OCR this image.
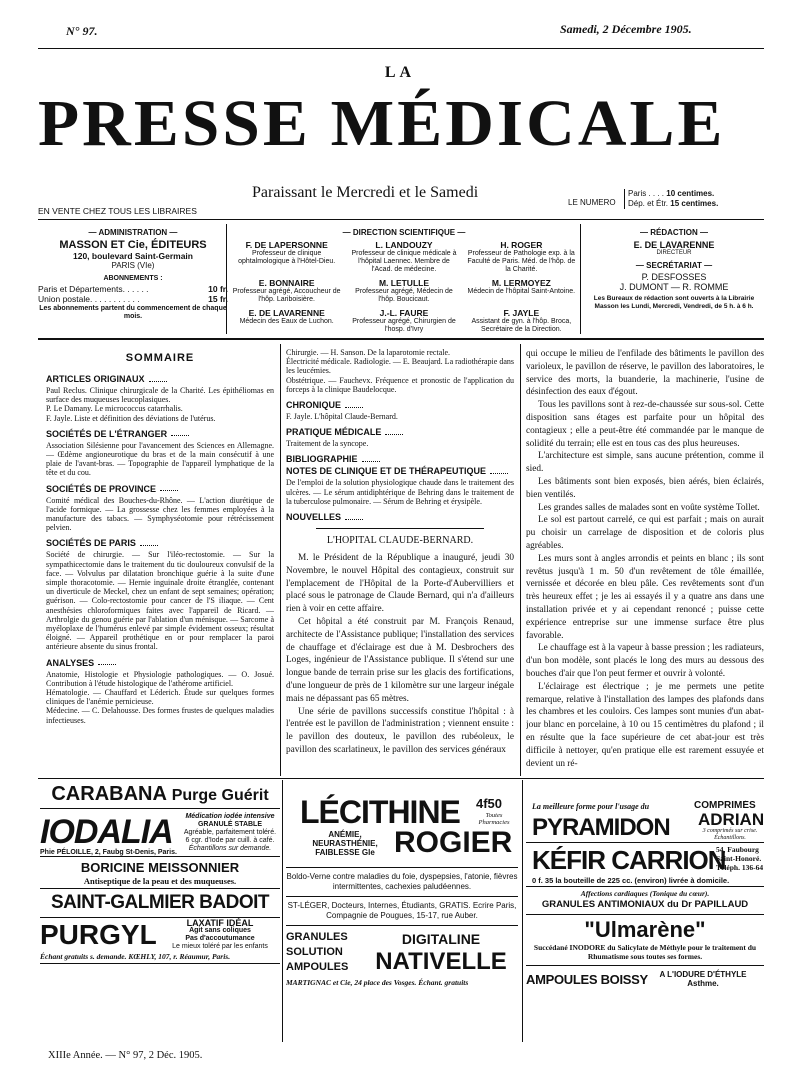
N° 97.	Samedi, 2 Décembre 1905.
LA
PRESSE MÉDICALE
Paraissant le Mercredi et le Samedi
EN VENTE CHEZ TOUS LES LIBRAIRES
LE NUMERO
Paris . . . . 10 centimes.
Dép. et Étr. 15 centimes.
— ADMINISTRATION —
MASSON ET Cie, ÉDITEURS
120, boulevard Saint-Germain
PARIS (VIe)
ABONNEMENTS :
Paris et Départements. . . . . .	10 fr.
Union postale. . . . . . . . . . .	15 fr.
Les abonnements partent du commencement de chaque mois.
— DIRECTION SCIENTIFIQUE —
F. DE LAPERSONNE
Professeur de clinique ophtalmologique à l'Hôtel-Dieu.
L. LANDOUZY
Professeur de clinique médicale à l'hôpital Laennec. Membre de l'Acad. de médecine.
H. ROGER
Professeur de Pathologie exp. à la Faculté de Paris. Méd. de l'hôp. de la Charité.
E. BONNAIRE
Professeur agrégé, Accoucheur de l'hôp. Lariboisière.
M. LETULLE
Professeur agrégé, Médecin de l'hôp. Boucicaut.
M. LERMOYEZ
Médecin de l'hôpital Saint-Antoine.
E. DE LAVARENNE
Médecin des Eaux de Luchon.
J.-L. FAURE
Professeur agrégé, Chirurgien de l'hosp. d'Ivry
F. JAYLE
Assistant de gyn. à l'hôp. Broca, Secrétaire de la Direction.
— RÉDACTION —
E. DE LAVARENNE
DIRECTEUR
— SECRÉTARIAT —
P. DESFOSSES
J. DUMONT — R. ROMME
Les Bureaux de rédaction sont ouverts à la Librairie Masson les Lundi, Mercredi, Vendredi, de 5 h. à 6 h.
SOMMAIRE
ARTICLES ORIGINAUX

Paul Reclus. Clinique chirurgicale de la Charité. Les épithéliomas en surface des muqueuses leucoplasiques.

P. Le Damany. Le micrococcus catarrhalis.

F. Jayle. Liste et définition des déviations de l'utérus.

SOCIÉTÉS DE L'ÉTRANGER

Association Silésienne pour l'avancement des Sciences en Allemagne. — Œdème angioneurotique du bras et de la main consécutif à une plaie de l'avant-bras. — Topographie de l'appareil lymphatique de la tête et du cou.

SOCIÉTÉS DE PROVINCE

Comité médical des Bouches-du-Rhône. — L'action diurétique de l'acide formique. — La grossesse chez les femmes employées à la manufacture des tabacs. — Symphyséotomie pour rétrécissement pelvien.

SOCIÉTÉS DE PARIS

Société de chirurgie. — Sur l'iléo-rectostomie. — Sur la sympathicectomie dans le traitement du tic douloureux convulsif de la face. — Volvulus par dilatation bronchique guérie à la suite d'une simple thoracotomie. — Hernie inguinale droite étranglée, contenant un diverticule de Meckel, chez un enfant de sept semaines; opération; guérison. — Colo-rectostomie pour cancer de l'S iliaque. — Cent anesthésies chloroformiques faites avec l'appareil de Ricard. — Arthrolgie du genou guérie par l'ablation d'un ménisque. — Sarcome à myéloplaxe de l'humérus enlevé par simple évidement osseux; résultat éloigné. — Appareil prothétique en or pour remplacer la paroi antérieure absente du sinus frontal.

ANALYSES

Anatomie, Histologie et Physiologie pathologiques. — O. Josué. Contribution à l'étude histologique de l'athérome artificiel.

Hématologie. — Chauffard et Léderich. Étude sur quelques formes cliniques de l'anémie pernicieuse.

Médecine. — C. Delahousse. Des formes frustes de quelques maladies infectieuses.

Chirurgie. — H. Sanson. De la laparotomie rectale.

Électricité médicale. Radiologie. — E. Beaujard. La radiothérapie dans les leucémies.

Obstétrique. — Fauchevx. Fréquence et pronostic de l'application du forceps à la clinique Baudelocque.

CHRONIQUE

F. Jayle. L'hôpital Claude-Bernard.

PRATIQUE MÉDICALE

Traitement de la syncope.

BIBLIOGRAPHIE
NOTES DE CLINIQUE ET DE THÉRAPEUTIQUE

De l'emploi de la solution physiologique chaude dans le traitement des ulcères. — Le sérum antidiphtérique de Behring dans le traitement de la tuberculose pulmonaire. — Sérum de Behring et érysipèle.

NOUVELLES
L'HOPITAL CLAUDE-BERNARD.

M. le Président de la République a inauguré, jeudi 30 Novembre, le nouvel Hôpital des contagieux, construit sur l'emplacement de l'Hôpital de la Porte-d'Aubervilliers et placé sous le patronage de Claude Bernard, qui n'a d'ailleurs rien à voir en cette affaire.

Cet hôpital a été construit par M. François Renaud, architecte de l'Assistance publique; l'installation des services de chauffage et d'éclairage est due à M. Desbrochers des Loges, ingénieur de l'Assistance publique. Il s'étend sur une longue bande de terrain prise sur les glacis des fortifications, d'une longueur de près de 1 kilomètre sur une largeur inégale mais ne dépassant pas 65 mètres.

Une série de pavillons successifs constitue l'hôpital : à l'entrée est le pavillon de l'administration ; viennent ensuite : le pavillon des douteux, le pavillon des rubéoleux, le pavillon des scarlatineux, le pavillon des services généraux

qui occupe le milieu de l'enfilade des bâtiments le pavillon des varioleux, le pavillon de réserve, le pavillon des laboratoires, le service des morts, la buanderie, la machinerie, l'usine de désinfection des eaux d'égout.

Tous les pavillons sont à rez-de-chaussée sur sous-sol. Cette disposition sans étages est parfaite pour un hôpital des contagieux ; elle a peut-être été commandée par le manque de solidité du terrain; elle est en tous cas des plus heureuses.

L'architecture est simple, sans aucune prétention, comme il sied.

Les bâtiments sont bien exposés, bien aérés, bien éclairés, bien ventilés.

Les grandes salles de malades sont en voûte système Tollet.

Le sol est partout carrelé, ce qui est parfait ; mais on aurait pu choisir un carrelage de disposition et de coloris plus agréables.

Les murs sont à angles arrondis et peints en blanc ; ils sont revêtus jusqu'à 1 m. 50 d'un revêtement de tôle émaillée, vernissée et décorée en bleu pâle. Ces revêtements sont d'un très heureux effet ; je les ai essayés il y a quatre ans dans une installation privée et y ai cependant renoncé ; puisse cette expérience entreprise sur une immense surface être plus favorable.

Le chauffage est à la vapeur à basse pression ; les radiateurs, d'un bon modèle, sont placés le long des murs au dessous des bouches d'air que l'on peut fermer et ouvrir à volonté.

L'éclairage est électrique ; je me permets une petite remarque, relative à l'installation des lampes des plafonds dans les chambres et les couloirs. Ces lampes sont munies d'un abat-jour blanc en porcelaine, à 10 ou 15 centimètres du plafond ; il en résulte que la face supérieure de cet abat-jour est très difficile à nettoyer, qu'en pratique elle est rarement essuyée et devient un ré-

CARABANA Purge Guérit
IODALIA	Médication iodée intensive
GRANULÉ STABLE
Agréable, parfaitement toléré.
6 cgr. d'Iode par cuill. à café.
Échantillons sur demande.
Phie PÉLOILLE, 2, Faubg St-Denis, Paris.
BORICINE MEISSONNIER
Antiseptique de la peau et des muqueuses.
SAINT-GALMIER BADOIT
PURGYL	LAXATIF IDÉAL
Agit sans coliques
Pas d'accoutumance
Le mieux toléré par les enfants
Échant gratuits s. demande. KŒHLY, 107, r. Réaumur, Paris.
LÉCITHINE 4f50
Toutes Pharmacies
ANÉMIE, NEURASTHÉNIE, FAIBLESSE Gle ROGIER
Boldo-Verne contre maladies du foie, dyspepsies, l'atonie, fièvres intermittentes, cachexies paludéennes.
ST-LÉGER, Docteurs, Internes, Étudiants, GRATIS. Ecrire Paris, Compagnie de Pougues, 15-17, rue Auber.
GRANULES
SOLUTION
AMPOULES
DIGITALINE
NATIVELLE
MARTIGNAC et Cie, 24 place des Vosges. Échant. gratuits
La meilleure forme pour l'usage du	COMPRIMÉS
PYRAMIDON ADRIAN
3 comprimés sur crise. Échantillons.
KÉFIR CARRION
54, Faubourg Saint-Honoré. Téléph. 136-64
0 f. 35 la bouteille de 225 cc. (environ) livrée à domicile.
Affections cardiaques (Tonique du cœur).
GRANULES ANTIMONIAUX du Dr PAPILLAUD
"Ulmarène"
Succédané INODORE du Salicylate de Méthyle pour le traitement du Rhumatisme sous toutes ses formes.
AMPOULES BOISSY	A L'IODURE D'ÉTHYLE Asthme.
XIIIe Année. — N° 97, 2 Déc. 1905.
